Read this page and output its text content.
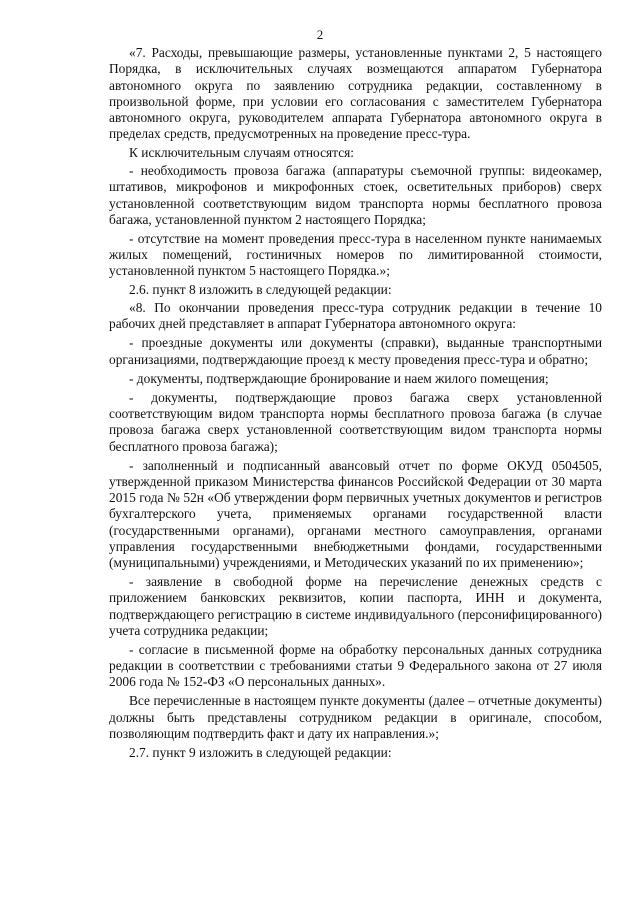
2

«7. Расходы, превышающие размеры, установленные пунктами 2, 5 настоящего Порядка, в исключительных случаях возмещаются аппаратом Губернатора автономного округа по заявлению сотрудника редакции, составленному в произвольной форме, при условии его согласования с заместителем Губернатора автономного округа, руководителем аппарата Губернатора автономного округа в пределах средств, предусмотренных на проведение пресс-тура.

К исключительным случаям относятся:

- необходимость провоза багажа (аппаратуры съемочной группы: видеокамер, штативов, микрофонов и микрофонных стоек, осветительных приборов) сверх установленной соответствующим видом транспорта нормы бесплатного провоза багажа, установленной пунктом 2 настоящего Порядка;

- отсутствие на момент проведения пресс-тура в населенном пункте нанимаемых жилых помещений, гостиничных номеров по лимитированной стоимости, установленной пунктом 5 настоящего Порядка.»;

2.6. пункт 8 изложить в следующей редакции:

«8. По окончании проведения пресс-тура сотрудник редакции в течение 10 рабочих дней представляет в аппарат Губернатора автономного округа:

- проездные документы или документы (справки), выданные транспортными организациями, подтверждающие проезд к месту проведения пресс-тура и обратно;

- документы, подтверждающие бронирование и наем жилого помещения;

- документы, подтверждающие провоз багажа сверх установленной соответствующим видом транспорта нормы бесплатного провоза багажа (в случае провоза багажа сверх установленной соответствующим видом транспорта нормы бесплатного провоза багажа);

- заполненный и подписанный авансовый отчет по форме ОКУД 0504505, утвержденной приказом Министерства финансов Российской Федерации от 30 марта 2015 года № 52н «Об утверждении форм первичных учетных документов и регистров бухгалтерского учета, применяемых органами государственной власти (государственными органами), органами местного самоуправления, органами управления государственными внебюджетными фондами, государственными (муниципальными) учреждениями, и Методических указаний по их применению»;

- заявление в свободной форме на перечисление денежных средств с приложением банковских реквизитов, копии паспорта, ИНН и документа, подтверждающего регистрацию в системе индивидуального (персонифицированного) учета сотрудника редакции;

- согласие в письменной форме на обработку персональных данных сотрудника редакции в соответствии с требованиями статьи 9 Федерального закона от 27 июля 2006 года № 152-ФЗ «О персональных данных».

Все перечисленные в настоящем пункте документы (далее – отчетные документы) должны быть представлены сотрудником редакции в оригинале, способом, позволяющим подтвердить факт и дату их направления.»;

2.7. пункт 9 изложить в следующей редакции:
